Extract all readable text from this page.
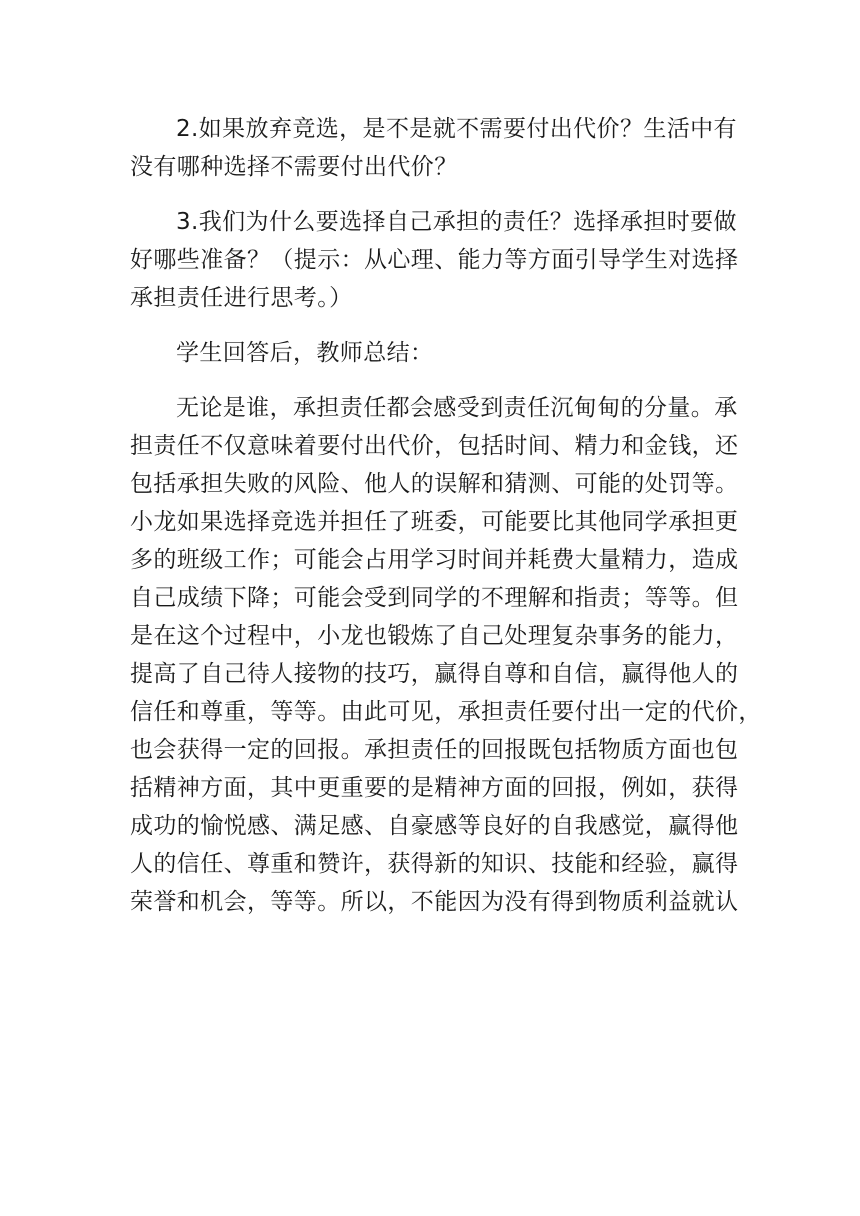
2.如果放弃竞选，是不是就不需要付出代价？生活中有
没有哪种选择不需要付出代价？
3.我们为什么要选择自己承担的责任？选择承担时要做
好哪些准备？（提示：从心理、能力等方面引导学生对选择
承担责任进行思考。）
学生回答后，教师总结：
无论是谁，承担责任都会感受到责任沉甸甸的分量。承
担责任不仅意味着要付出代价，包括时间、精力和金钱，还
包括承担失败的风险、他人的误解和猜测、可能的处罚等。
小龙如果选择竞选并担任了班委，可能要比其他同学承担更
多的班级工作；可能会占用学习时间并耗费大量精力，造成
自己成绩下降；可能会受到同学的不理解和指责；等等。但
是在这个过程中，小龙也锻炼了自己处理复杂事务的能力，
提高了自己待人接物的技巧，赢得自尊和自信，赢得他人的
信任和尊重，等等。由此可见，承担责任要付出一定的代价，
也会获得一定的回报。承担责任的回报既包括物质方面也包
括精神方面，其中更重要的是精神方面的回报，例如，获得
成功的愉悦感、满足感、自豪感等良好的自我感觉，赢得他
人的信任、尊重和赞许，获得新的知识、技能和经验，赢得
荣誉和机会，等等。所以，不能因为没有得到物质利益就认
